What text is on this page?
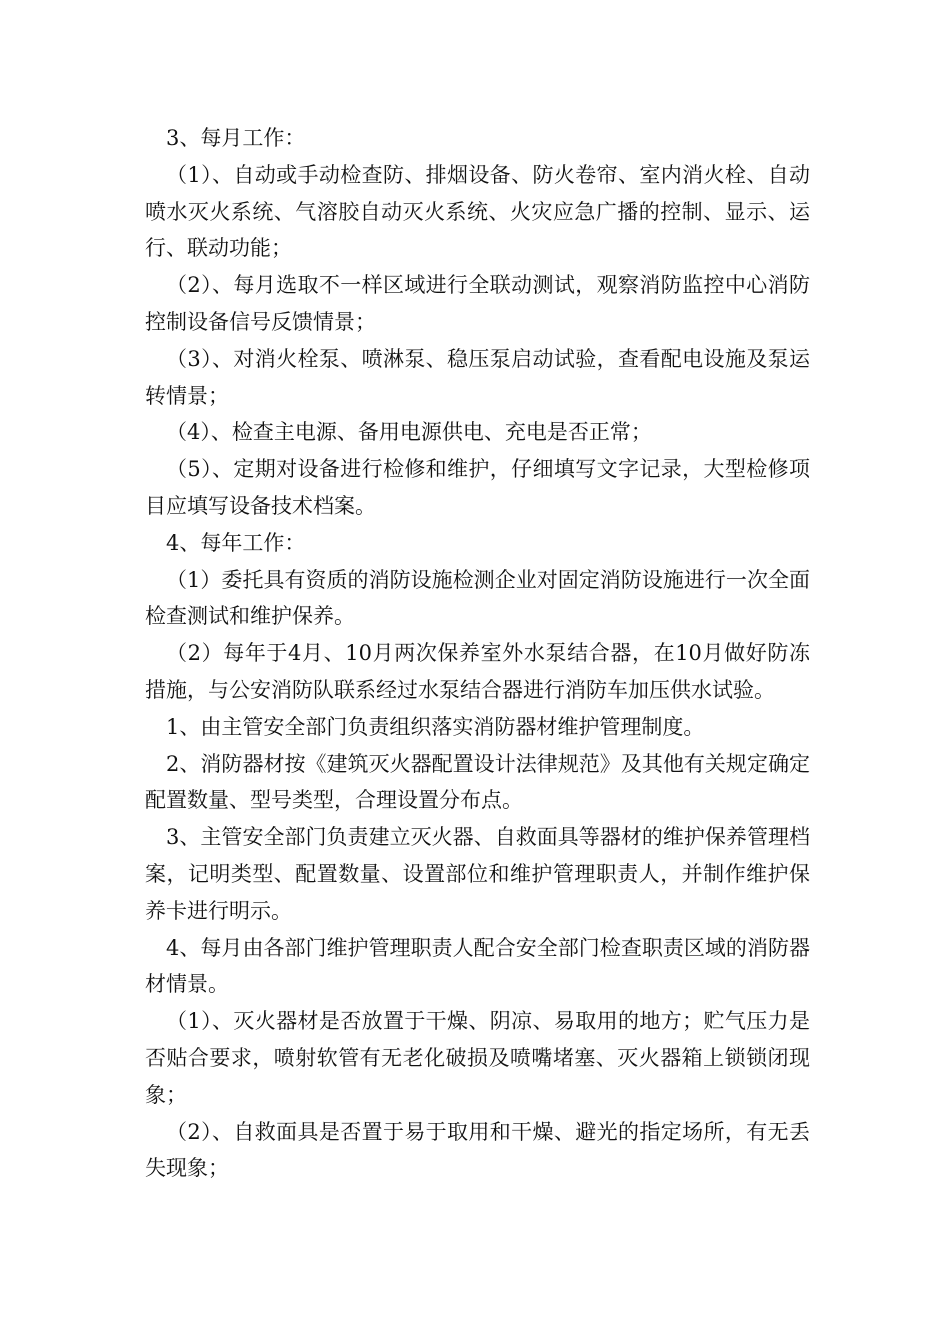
3、每月工作：

（1）、自动或手动检查防、排烟设备、防火卷帘、室内消火栓、自动喷水灭火系统、气溶胶自动灭火系统、火灾应急广播的控制、显示、运行、联动功能；

（2）、每月选取不一样区域进行全联动测试，观察消防监控中心消防控制设备信号反馈情景；

（3）、对消火栓泵、喷淋泵、稳压泵启动试验，查看配电设施及泵运转情景；

（4）、检查主电源、备用电源供电、充电是否正常；

（5）、定期对设备进行检修和维护，仔细填写文字记录，大型检修项目应填写设备技术档案。

4、每年工作：

（1）委托具有资质的消防设施检测企业对固定消防设施进行一次全面检查测试和维护保养。

（2）每年于4月、10月两次保养室外水泵结合器，在10月做好防冻措施，与公安消防队联系经过水泵结合器进行消防车加压供水试验。

1、由主管安全部门负责组织落实消防器材维护管理制度。

2、消防器材按《建筑灭火器配置设计法律规范》及其他有关规定确定配置数量、型号类型，合理设置分布点。

3、主管安全部门负责建立灭火器、自救面具等器材的维护保养管理档案，记明类型、配置数量、设置部位和维护管理职责人，并制作维护保养卡进行明示。

4、每月由各部门维护管理职责人配合安全部门检查职责区域的消防器材情景。

（1）、灭火器材是否放置于干燥、阴凉、易取用的地方；贮气压力是否贴合要求，喷射软管有无老化破损及喷嘴堵塞、灭火器箱上锁锁闭现象；

（2）、自救面具是否置于易于取用和干燥、避光的指定场所，有无丢失现象；
